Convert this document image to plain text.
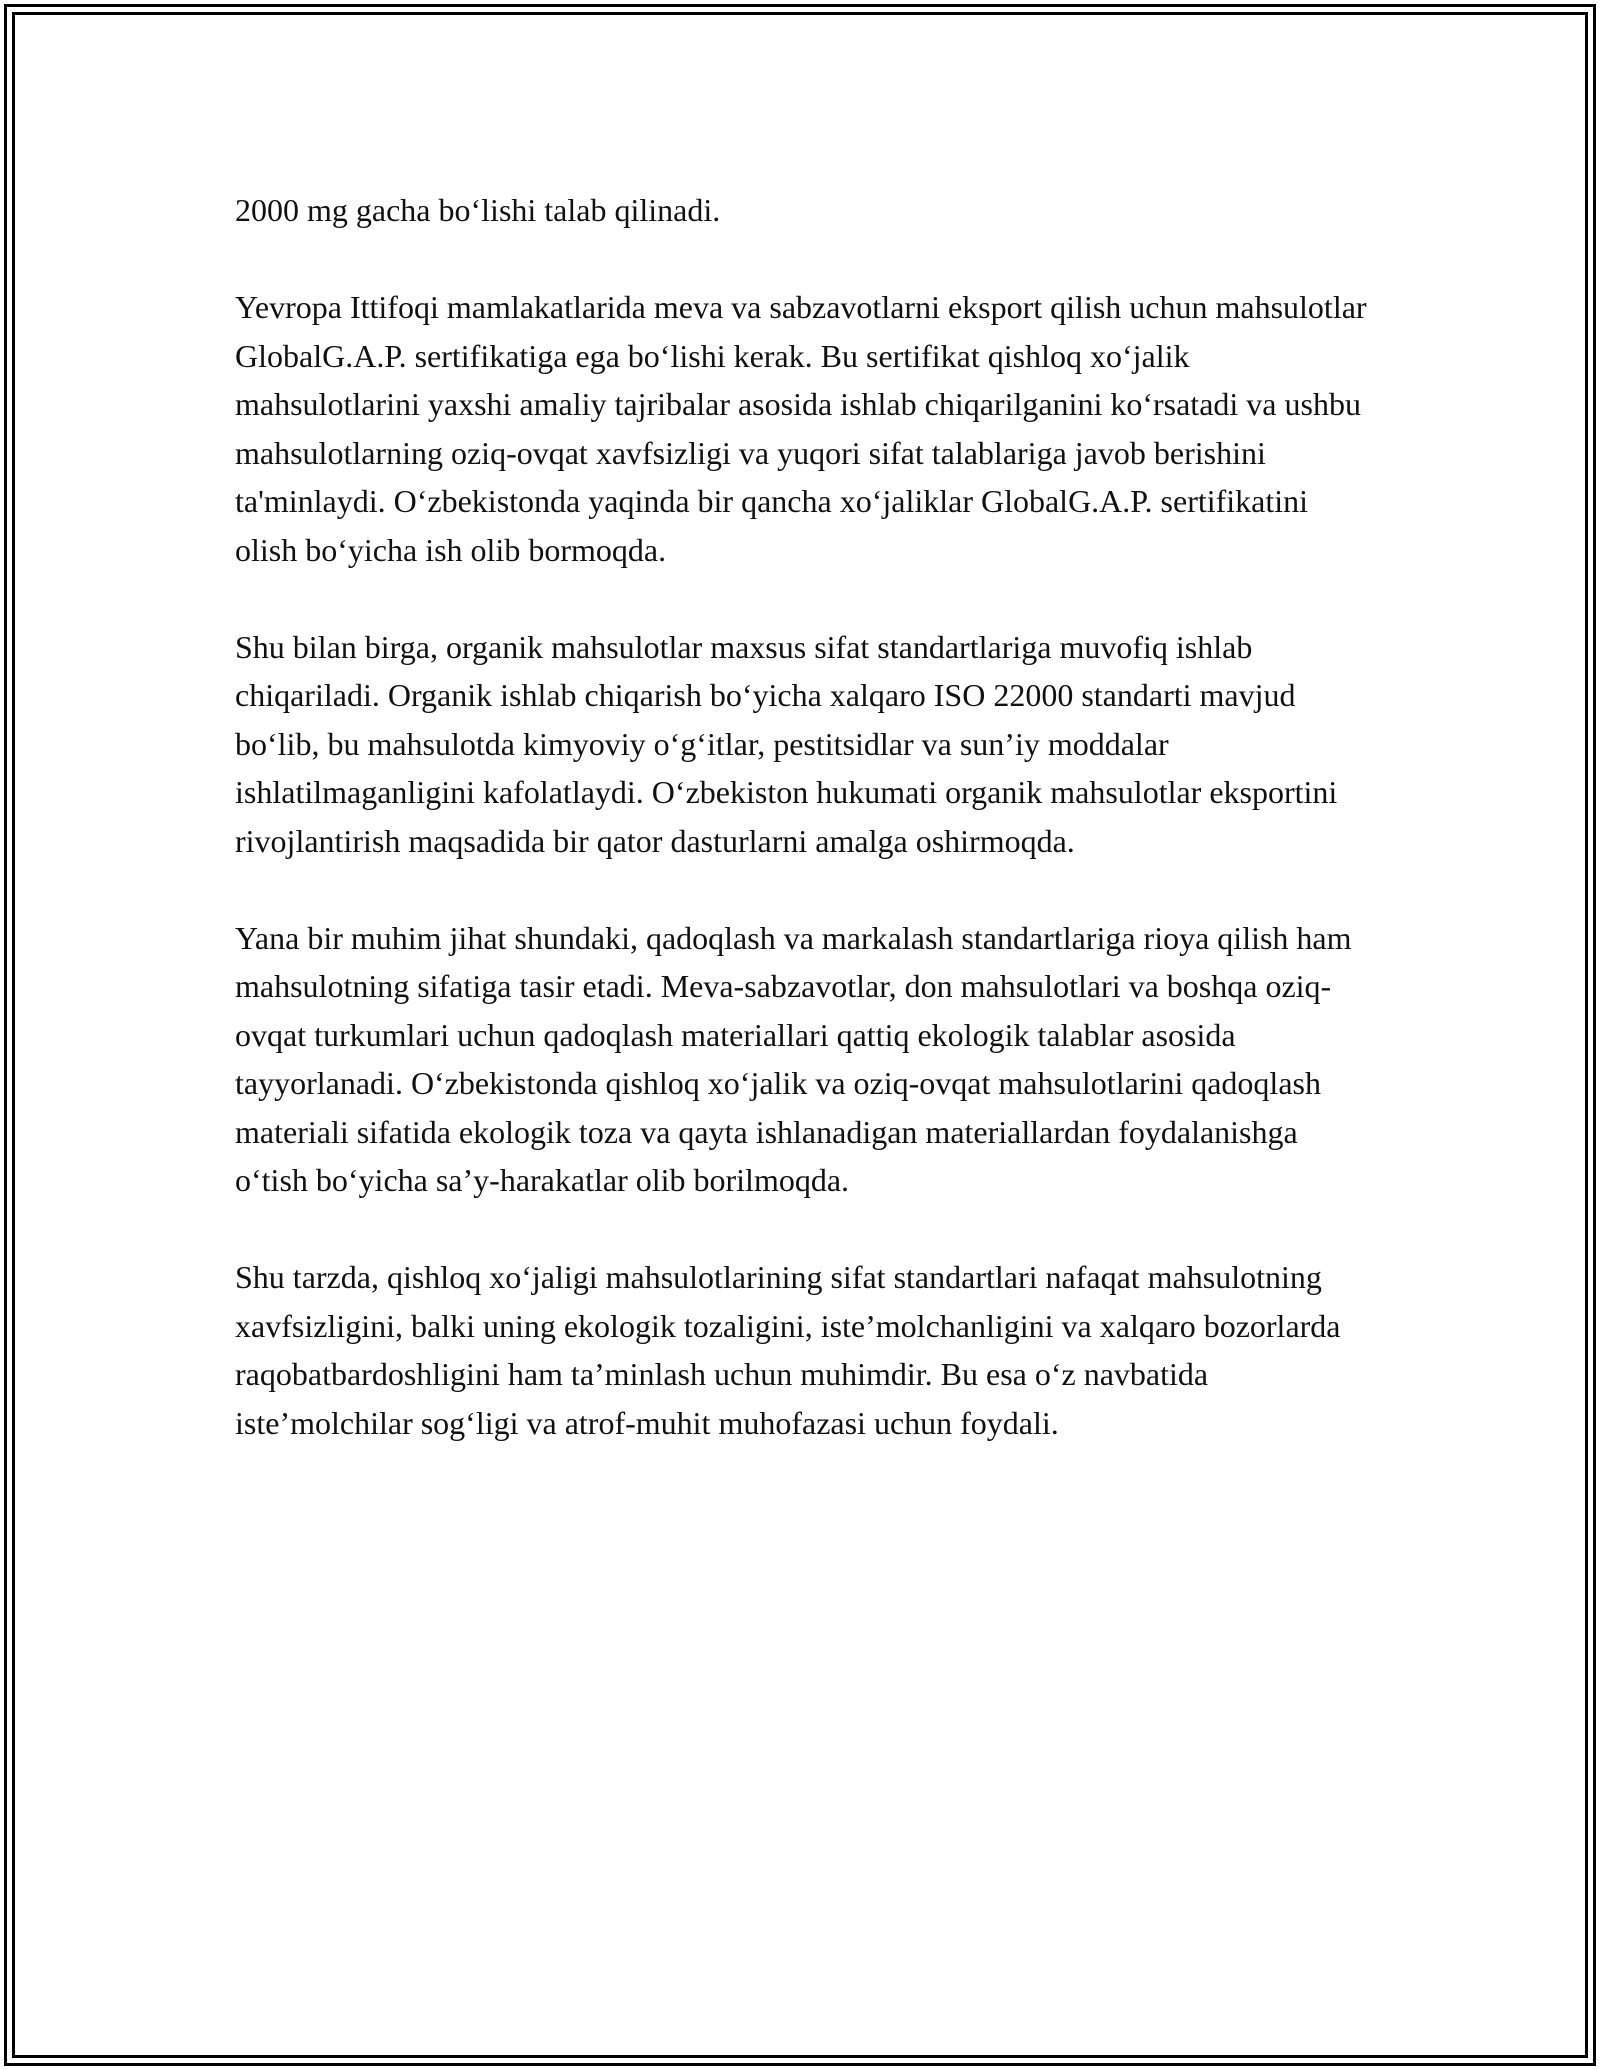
2000 mg gacha bo‘lishi talab qilinadi.

Yevropa Ittifoqi mamlakatlarida meva va sabzavotlarni eksport qilish uchun mahsulotlar GlobalG.A.P. sertifikatiga ega bo‘lishi kerak. Bu sertifikat qishloq xo‘jalik mahsulotlarini yaxshi amaliy tajribalar asosida ishlab chiqarilganini ko‘rsatadi va ushbu mahsulotlarning oziq-ovqat xavfsizligi va yuqori sifat talablariga javob berishini ta'minlaydi. O‘zbekistonda yaqinda bir qancha xo‘jaliklar GlobalG.A.P. sertifikatini olish bo‘yicha ish olib bormoqda.

Shu bilan birga, organik mahsulotlar maxsus sifat standartlariga muvofiq ishlab chiqariladi. Organik ishlab chiqarish bo‘yicha xalqaro ISO 22000 standarti mavjud bo‘lib, bu mahsulotda kimyoviy o‘g‘itlar, pestitsidlar va sun’iy moddalar ishlatilmaganligini kafolatlaydi. O‘zbekiston hukumati organik mahsulotlar eksportini rivojlantirish maqsadida bir qator dasturlarni amalga oshirmoqda.

Yana bir muhim jihat shundaki, qadoqlash va markalash standartlariga rioya qilish ham mahsulotning sifatiga tasir etadi. Meva-sabzavotlar, don mahsulotlari va boshqa oziq-ovqat turkumlari uchun qadoqlash materiallari qattiq ekologik talablar asosida tayyorlanadi. O‘zbekistonda qishloq xo‘jalik va oziq-ovqat mahsulotlarini qadoqlash materiali sifatida ekologik toza va qayta ishlanadigan materiallardan foydalanishga o‘tish bo‘yicha sa’y-harakatlar olib borilmoqda.

Shu tarzda, qishloq xo‘jaligi mahsulotlarining sifat standartlari nafaqat mahsulotning xavfsizligini, balki uning ekologik tozaligini, iste’molchanligini va xalqaro bozorlarda raqobatbardoshligini ham ta’minlash uchun muhimdir. Bu esa o‘z navbatida iste’molchilar sog‘ligi va atrof-muhit muhofazasi uchun foydali.
